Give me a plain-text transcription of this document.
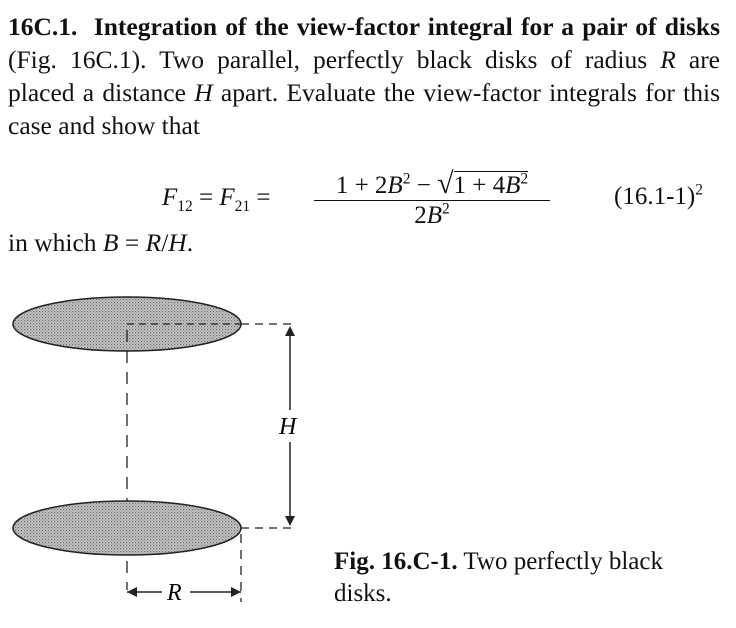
16C.1. Integration of the view-factor integral for a pair of disks (Fig. 16C.1). Two parallel, perfectly black disks of radius R are placed a distance H apart. Evaluate the view-factor integrals for this case and show that
$F_{12} = F_{21}$ =	$1 + 2B^2 - √1 + 4B^2$
$2B^2$	$(16.1-1)^2$
in which B = R/H.
H
R
Fig. 16.C-1. Two perfectly black disks.
